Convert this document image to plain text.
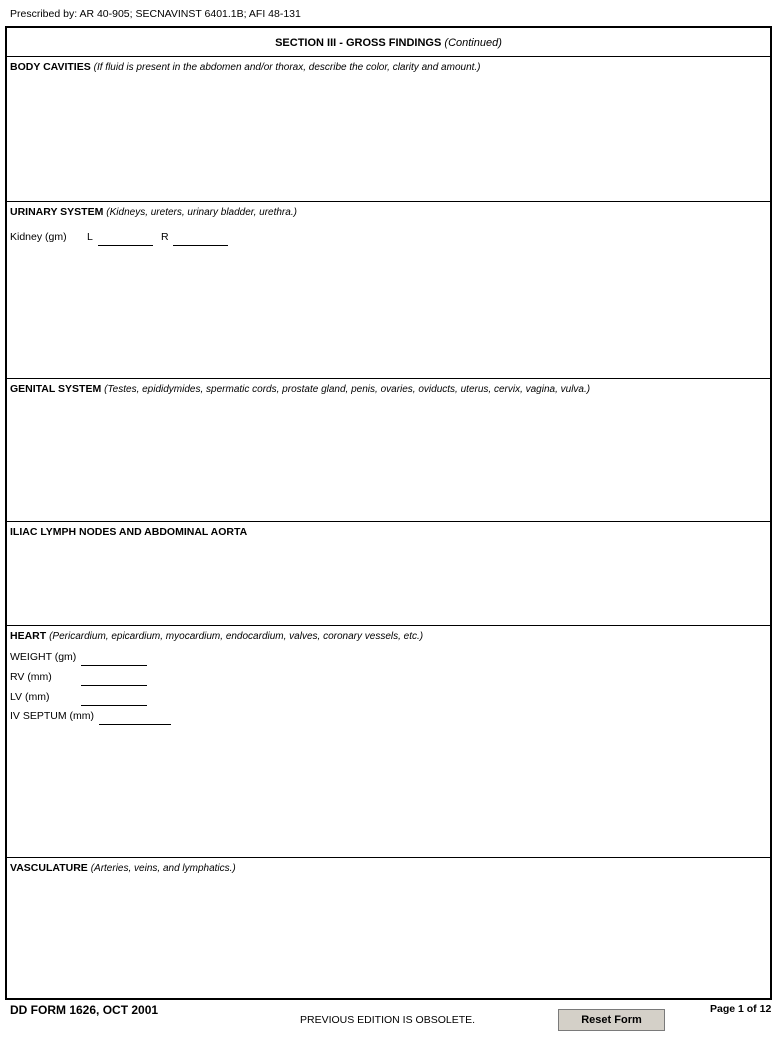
Prescribed by: AR 40-905; SECNAVINST 6401.1B; AFI 48-131
SECTION III - GROSS FINDINGS (Continued)
BODY CAVITIES (If fluid is present in the abdomen and/or thorax, describe the color, clarity and amount.)
URINARY SYSTEM (Kidneys, ureters, urinary bladder, urethra.)
Kidney (gm) L	R
GENITAL SYSTEM (Testes, epididymides, spermatic cords, prostate gland, penis, ovaries, oviducts, uterus, cervix, vagina, vulva.)
ILIAC LYMPH NODES AND ABDOMINAL AORTA
HEART (Pericardium, epicardium, myocardium, endocardium, valves, coronary vessels, etc.)
WEIGHT (gm)
RV (mm)
LV (mm)
IV SEPTUM (mm)
VASCULATURE (Arteries, veins, and lymphatics.)
DD FORM 1626, OCT 2001
PREVIOUS EDITION IS OBSOLETE.	Reset Form
Page 1 of 12
